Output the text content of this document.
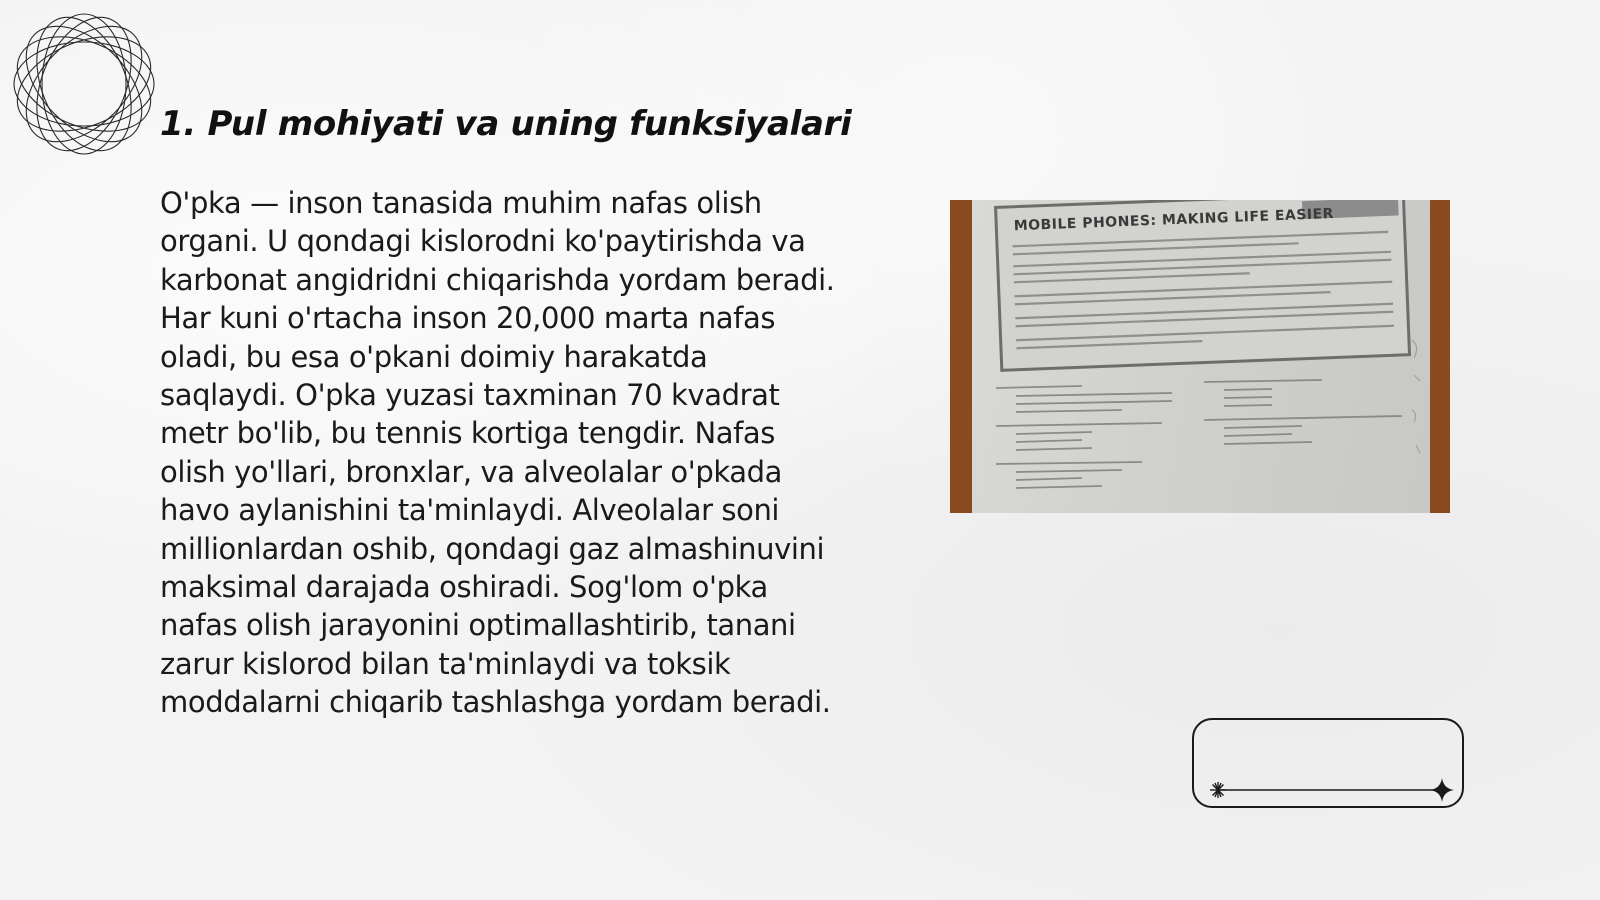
1. Pul mohiyati va uning funksiyalari

O'pka — inson tanasida muhim nafas olish organi. U qondagi kislorodni ko'paytirishda va karbonat angidridni chiqarishda yordam beradi. Har kuni o'rtacha inson 20,000 marta nafas oladi, bu esa o'pkani doimiy harakatda saqlaydi. O'pka yuzasi taxminan 70 kvadrat metr bo'lib, bu tennis kortiga tengdir. Nafas olish yo'llari, bronxlar, va alveolalar o'pkada havo aylanishini ta'minlaydi. Alveolalar soni millionlardan oshib, qondagi gaz almashinuvini maksimal darajada oshiradi. Sog'lom o'pka nafas olish jarayonini optimallashtirib, tanani zarur kislorod bilan ta'minlaydi va toksik moddalarni chiqarib tashlashga yordam beradi.

MOBILE PHONES: MAKING LIFE EASIER
